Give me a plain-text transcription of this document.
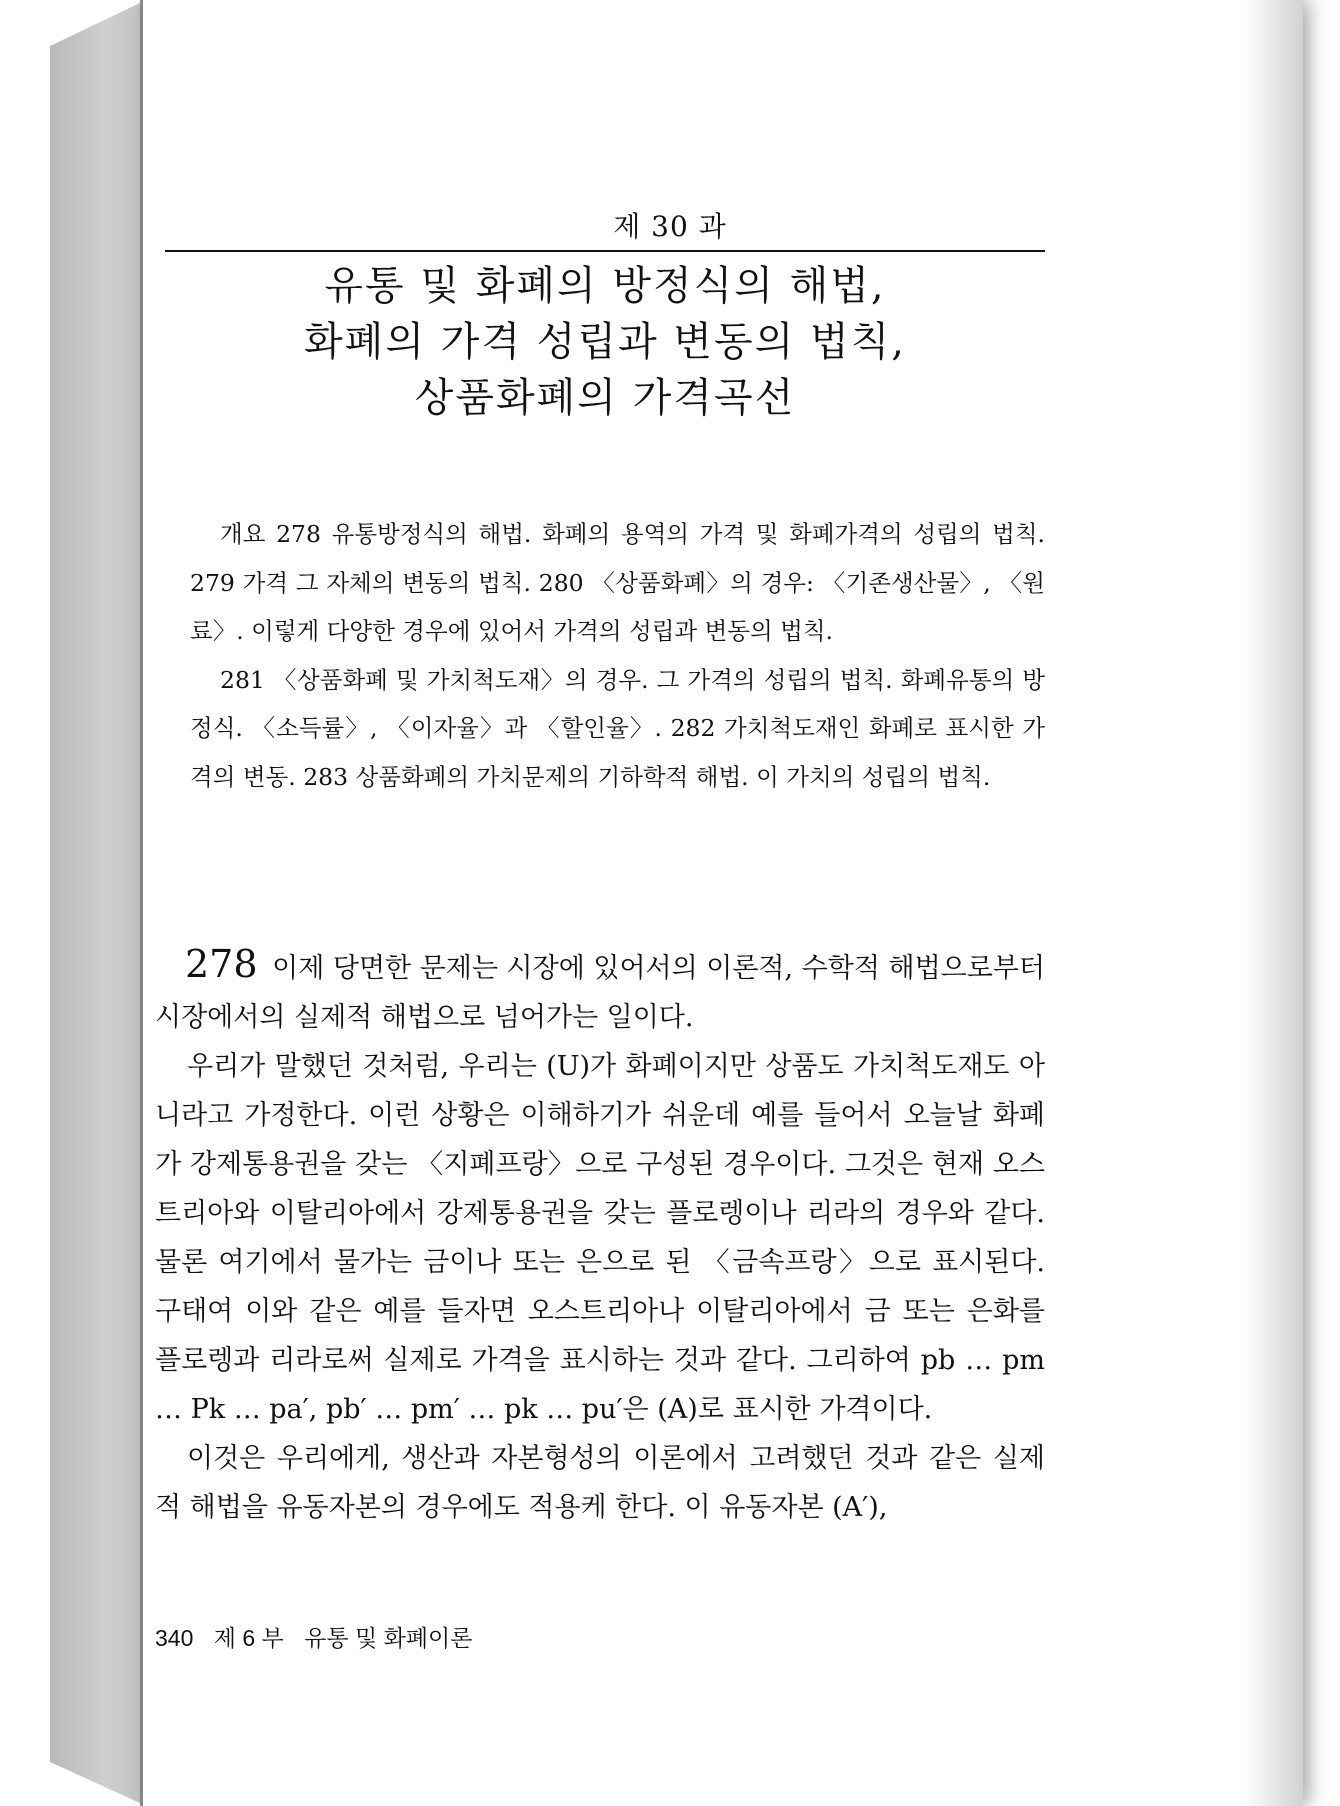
제 30 과
유통 및 화폐의 방정식의 해법,
화폐의 가격 성립과 변동의 법칙,
상품화폐의 가격곡선

개요 278 유통방정식의 해법. 화폐의 용역의 가격 및 화폐가격의 성립의 법칙. 279 가격 그 자체의 변동의 법칙. 280 〈상품화폐〉의 경우: 〈기존생산물〉, 〈원료〉. 이렇게 다양한 경우에 있어서 가격의 성립과 변동의 법칙.

281 〈상품화폐 및 가치척도재〉의 경우. 그 가격의 성립의 법칙. 화폐유통의 방정식. 〈소득률〉, 〈이자율〉과 〈할인율〉. 282 가치척도재인 화폐로 표시한 가격의 변동. 283 상품화폐의 가치문제의 기하학적 해법. 이 가치의 성립의 법칙.

278 이제 당면한 문제는 시장에 있어서의 이론적, 수학적 해법으로부터 시장에서의 실제적 해법으로 넘어가는 일이다.

우리가 말했던 것처럼, 우리는 (U)가 화폐이지만 상품도 가치척도재도 아니라고 가정한다. 이런 상황은 이해하기가 쉬운데 예를 들어서 오늘날 화폐가 강제통용권을 갖는 〈지폐프랑〉으로 구성된 경우이다. 그것은 현재 오스트리아와 이탈리아에서 강제통용권을 갖는 플로렝이나 리라의 경우와 같다. 물론 여기에서 물가는 금이나 또는 은으로 된 〈금속프랑〉으로 표시된다. 구태여 이와 같은 예를 들자면 오스트리아나 이탈리아에서 금 또는 은화를 플로렝과 리라로써 실제로 가격을 표시하는 것과 같다. 그리하여 pb … pm … Pk … pa′, pb′ … pm′ … pk … pu′은 (A)로 표시한 가격이다.

이것은 우리에게, 생산과 자본형성의 이론에서 고려했던 것과 같은 실제적 해법을 유동자본의 경우에도 적용케 한다. 이 유동자본 (A′),

340 제 6 부 유통 및 화폐이론
